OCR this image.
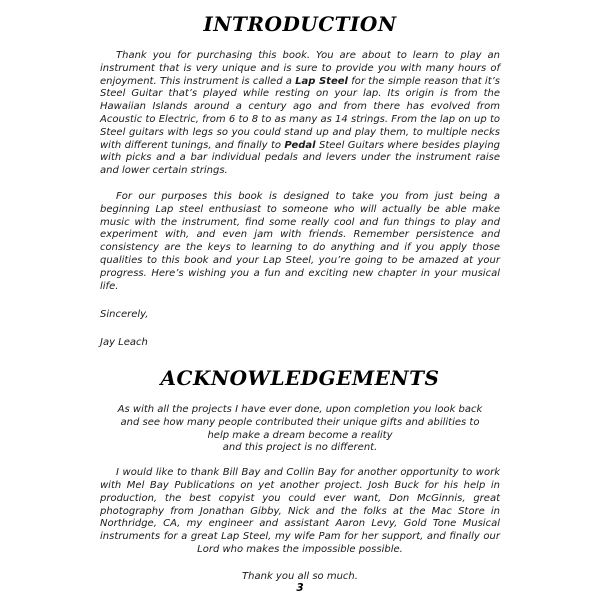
INTRODUCTION

Thank you for purchasing this book. You are about to learn to play an instrument that is very unique and is sure to provide you with many hours of enjoyment. This instrument is called a Lap Steel for the simple reason that it’s Steel Guitar that’s played while resting on your lap. Its origin is from the Hawaiian Islands around a century ago and from there has evolved from Acoustic to Electric, from 6 to 8 to as many as 14 strings. From the lap on up to Steel guitars with legs so you could stand up and play them, to multiple necks with different tunings, and finally to Pedal Steel Guitars where besides playing with picks and a bar individual pedals and levers under the instrument raise and lower certain strings.

For our purposes this book is designed to take you from just being a beginning Lap steel enthusiast to someone who will actually be able make music with the instrument, find some really cool and fun things to play and experiment with, and even jam with friends. Remember persistence and consistency are the keys to learning to do anything and if you apply those qualities to this book and your Lap Steel, you’re going to be amazed at your progress. Here’s wishing you a fun and exciting new chapter in your musical life.

Sincerely,

Jay Leach

ACKNOWLEDGEMENTS

As with all the projects I have ever done, upon completion you look back
and see how many people contributed their unique gifts and abilities to
help make a dream become a reality
and this project is no different.

I would like to thank Bill Bay and Collin Bay for another opportunity to work with Mel Bay Publications on yet another project. Josh Buck for his help in production, the best copyist you could ever want, Don McGinnis, great photography from Jonathan Gibby, Nick and the folks at the Mac Store in Northridge, CA, my engineer and assistant Aaron Levy, Gold Tone Musical instruments for a great Lap Steel, my wife Pam for her support, and finally our Lord who makes the impossible possible.

Thank you all so much.

3
